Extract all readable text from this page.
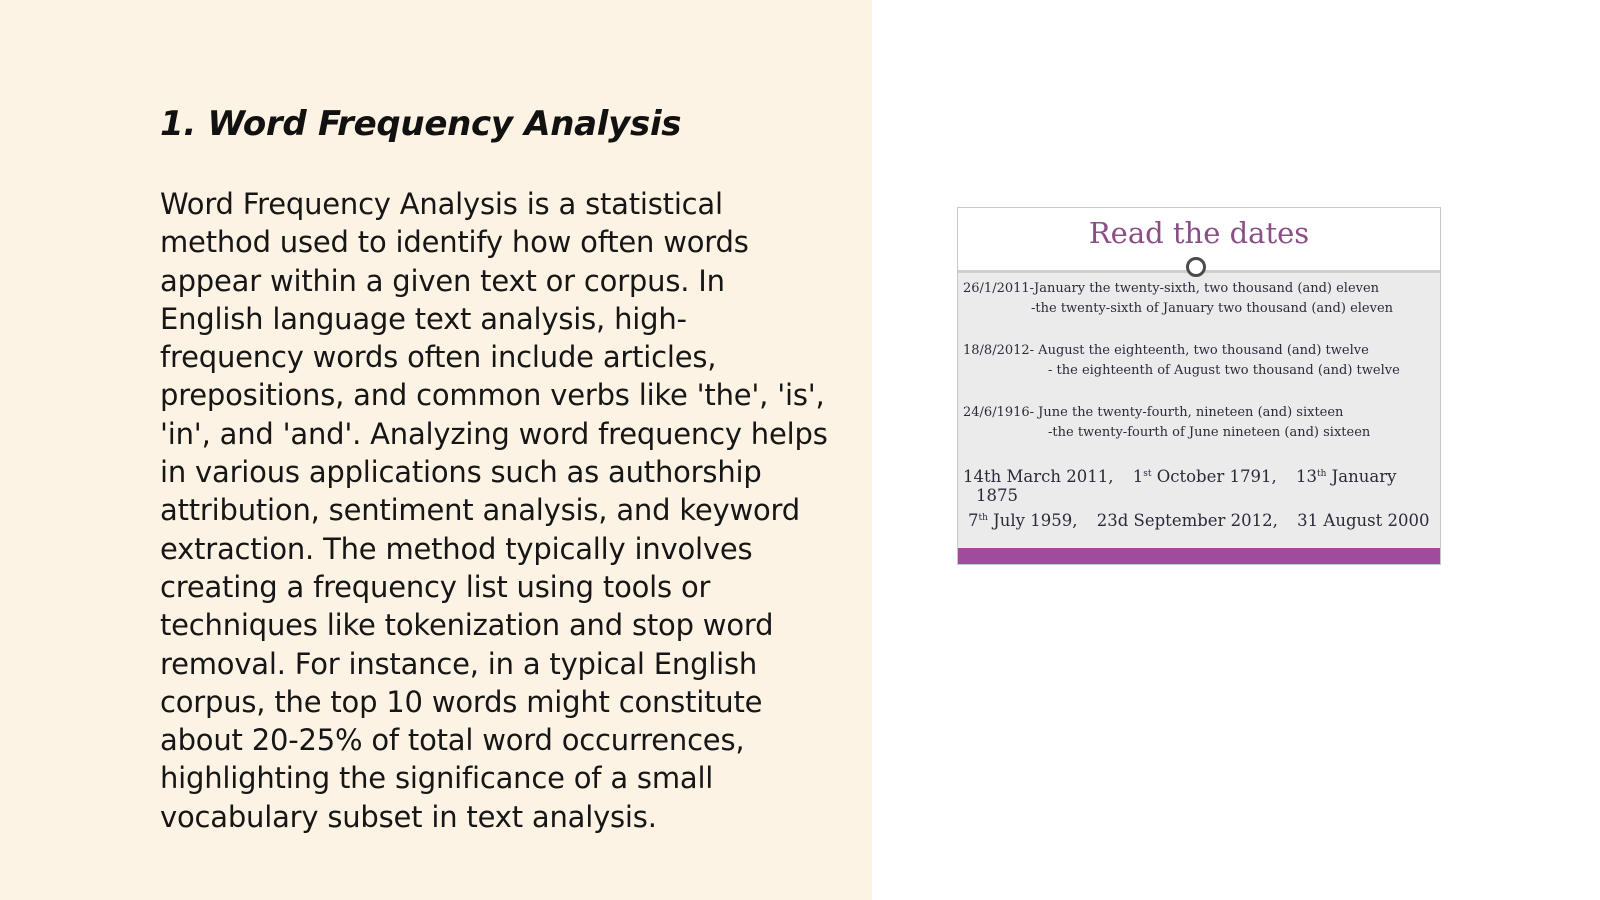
1. Word Frequency Analysis

Word Frequency Analysis is a statistical method used to identify how often words appear within a given text or corpus. In English language text analysis, high-frequency words often include articles, prepositions, and common verbs like 'the', 'is', 'in', and 'and'. Analyzing word frequency helps in various applications such as authorship attribution, sentiment analysis, and keyword extraction. The method typically involves creating a frequency list using tools or techniques like tokenization and stop word removal. For instance, in a typical English corpus, the top 10 words might constitute about 20-25% of total word occurrences, highlighting the significance of a small vocabulary subset in text analysis.

Read the dates
26/1/2011-January the twenty-sixth, two thousand (and) eleven
-the twenty-sixth of January two thousand (and) eleven
18/8/2012- August the eighteenth, two thousand (and) twelve
- the eighteenth of August two thousand (and) twelve
24/6/1916- June the twenty-fourth, nineteen (and) sixteen
-the twenty-fourth of June nineteen (and) sixteen
14th March 2011, 1st October 1791, 13th January
1875
7th July 1959, 23d September 2012, 31 August 2000
